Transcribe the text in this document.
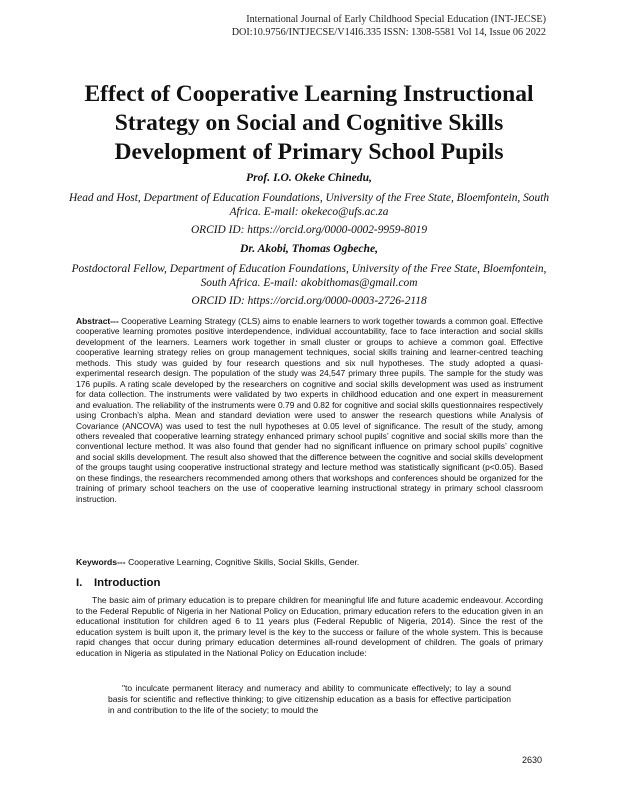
International Journal of Early Childhood Special Education (INT-JECSE)
DOI:10.9756/INTJECSE/V14I6.335 ISSN: 1308-5581 Vol 14, Issue 06 2022
Effect of Cooperative Learning Instructional Strategy on Social and Cognitive Skills Development of Primary School Pupils
Prof. I.O. Okeke Chinedu,
Head and Host, Department of Education Foundations, University of the Free State, Bloemfontein, South Africa. E-mail: okekeco@ufs.ac.za
ORCID ID: https://orcid.org/0000-0002-9959-8019
Dr. Akobi, Thomas Ogbeche,
Postdoctoral Fellow, Department of Education Foundations, University of the Free State, Bloemfontein, South Africa. E-mail: akobithomas@gmail.com
ORCID ID: https://orcid.org/0000-0003-2726-2118
Abstract--- Cooperative Learning Strategy (CLS) aims to enable learners to work together towards a common goal. Effective cooperative learning promotes positive interdependence, individual accountability, face to face interaction and social skills development of the learners. Learners work together in small cluster or groups to achieve a common goal. Effective cooperative learning strategy relies on group management techniques, social skills training and learner-centred teaching methods. This study was guided by four research questions and six null hypotheses. The study adopted a quasi-experimental research design. The population of the study was 24,547 primary three pupils. The sample for the study was 176 pupils. A rating scale developed by the researchers on cognitive and social skills development was used as instrument for data collection. The instruments were validated by two experts in childhood education and one expert in measurement and evaluation. The reliability of the instruments were 0.79 and 0.82 for cognitive and social skills questionnaires respectively using Cronbach’s alpha. Mean and standard deviation were used to answer the research questions while Analysis of Covariance (ANCOVA) was used to test the null hypotheses at 0.05 level of significance. The result of the study, among others revealed that cooperative learning strategy enhanced primary school pupils’ cognitive and social skills more than the conventional lecture method. It was also found that gender had no significant influence on primary school pupils’ cognitive and social skills development. The result also showed that the difference between the cognitive and social skills development of the groups taught using cooperative instructional strategy and lecture method was statistically significant (p<0.05). Based on these findings, the researchers recommended among others that workshops and conferences should be organized for the training of primary school teachers on the use of cooperative learning instructional strategy in primary school classroom instruction.
Keywords--- Cooperative Learning, Cognitive Skills, Social Skills, Gender.
I. Introduction
The basic aim of primary education is to prepare children for meaningful life and future academic endeavour. According to the Federal Republic of Nigeria in her National Policy on Education, primary education refers to the education given in an educational institution for children aged 6 to 11 years plus (Federal Republic of Nigeria, 2014). Since the rest of the education system is built upon it, the primary level is the key to the success or failure of the whole system. This is because rapid changes that occur during primary education determines all-round development of children. The goals of primary education in Nigeria as stipulated in the National Policy on Education include:
"to inculcate permanent literacy and numeracy and ability to communicate effectively; to lay a sound basis for scientific and reflective thinking; to give citizenship education as a basis for effective participation in and contribution to the life of the society; to mould the
2630
